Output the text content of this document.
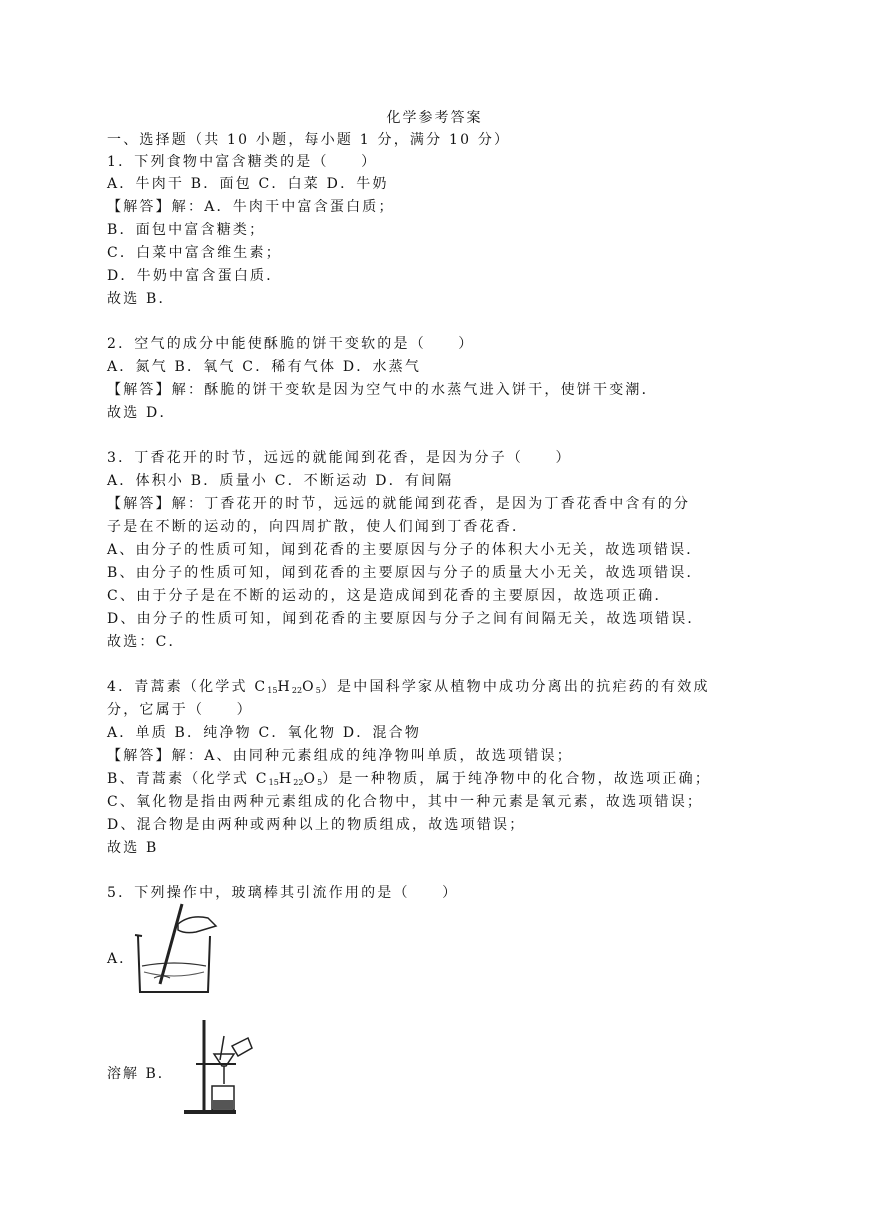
化学参考答案
一、选择题（共 10 小题，每小题 1 分，满分 10 分）
1．下列食物中富含糖类的是（　　）
A．牛肉干 B．面包 C．白菜 D．牛奶
【解答】解：A．牛肉干中富含蛋白质；
B．面包中富含糖类；
C．白菜中富含维生素；
D．牛奶中富含蛋白质．
故选 B．
2．空气的成分中能使酥脆的饼干变软的是（　　）
A．氮气 B．氧气 C．稀有气体 D．水蒸气
【解答】解：酥脆的饼干变软是因为空气中的水蒸气进入饼干，使饼干变潮．
故选 D．
3．丁香花开的时节，远远的就能闻到花香，是因为分子（　　）
A．体积小 B．质量小 C．不断运动 D．有间隔
【解答】解：丁香花开的时节，远远的就能闻到花香，是因为丁香花香中含有的分
子是在不断的运动的，向四周扩散，使人们闻到丁香花香．
A、由分子的性质可知，闻到花香的主要原因与分子的体积大小无关，故选项错误．
B、由分子的性质可知，闻到花香的主要原因与分子的质量大小无关，故选项错误．
C、由于分子是在不断的运动的，这是造成闻到花香的主要原因，故选项正确．
D、由分子的性质可知，闻到花香的主要原因与分子之间有间隔无关，故选项错误．
故选：C．
4．青蒿素（化学式 $C_{15}H_{22}O_5$）是中国科学家从植物中成功分离出的抗疟药的有效成
分，它属于（　　）
A．单质 B．纯净物 C．氧化物 D．混合物
【解答】解：A、由同种元素组成的纯净物叫单质，故选项错误；
B、青蒿素（化学式 $C_{15}H_{22}O_5$）是一种物质，属于纯净物中的化合物，故选项正确；
C、氧化物是指由两种元素组成的化合物中，其中一种元素是氧元素，故选项错误；
D、混合物是由两种或两种以上的物质组成，故选项错误；
故选 B
5．下列操作中，玻璃棒其引流作用的是（　　）
A．
溶解 B．
